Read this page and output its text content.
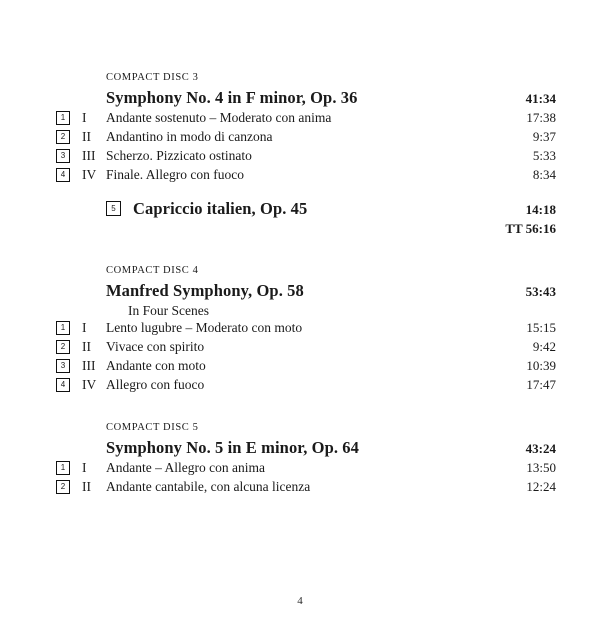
COMPACT DISC 3
Symphony No. 4 in F minor, Op. 36	41:34
1	I	Andante sostenuto – Moderato con anima	17:38
2	II	Andantino in modo di canzona	9:37
3	III Scherzo. Pizzicato ostinato	5:33
4	IV Finale. Allegro con fuoco	8:34
5	Capriccio italien, Op. 45	14:18
TT 56:16
COMPACT DISC 4
Manfred Symphony, Op. 58	53:43
In Four Scenes
1	I	Lento lugubre – Moderato con moto	15:15
2	II	Vivace con spirito	9:42
3	III Andante con moto	10:39
4	IV Allegro con fuoco	17:47
COMPACT DISC 5
Symphony No. 5 in E minor, Op. 64	43:24
1	I	Andante – Allegro con anima	13:50
2	II	Andante cantabile, con alcuna licenza	12:24
4
